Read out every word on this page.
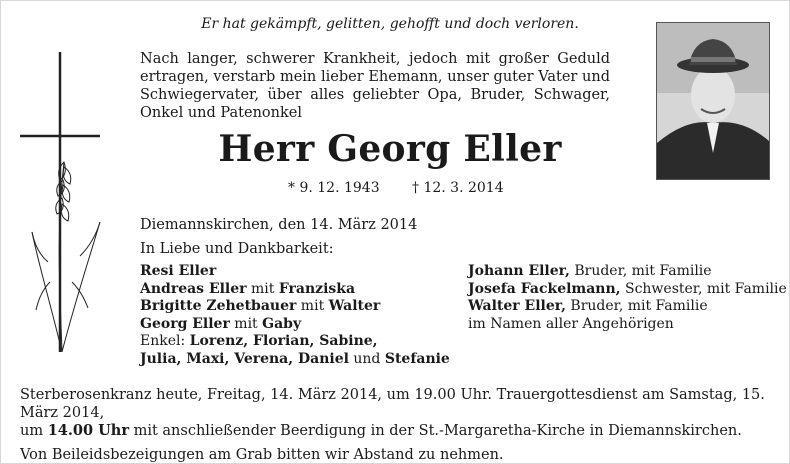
Er hat gekämpft, gelitten, gehofft und doch verloren.
Nach langer, schwerer Krankheit, jedoch mit großer Geduld ertragen, verstarb mein lieber Ehemann, unser guter Vater und Schwiegervater, über alles geliebter Opa, Bruder, Schwager, Onkel und Patenonkel
Herr Georg Eller
* 9. 12. 1943 † 12. 3. 2014
Diemannskirchen, den 14. März 2014
In Liebe und Dankbarkeit:
Resi Eller
Andreas Eller mit Franziska
Brigitte Zehetbauer mit Walter
Georg Eller mit Gaby
Enkel: Lorenz, Florian, Sabine,
Julia, Maxi, Verena, Daniel und Stefanie
Johann Eller, Bruder, mit Familie
Josefa Fackelmann, Schwester, mit Familie
Walter Eller, Bruder, mit Familie
im Namen aller Angehörigen

Sterberosenkranz heute, Freitag, 14. März 2014, um 19.00 Uhr. Trauergottesdienst am Samstag, 15. März 2014,

um 14.00 Uhr mit anschließender Beerdigung in der St.-Margaretha-Kirche in Diemannskirchen.

Von Beileidsbezeigungen am Grab bitten wir Abstand zu nehmen.
